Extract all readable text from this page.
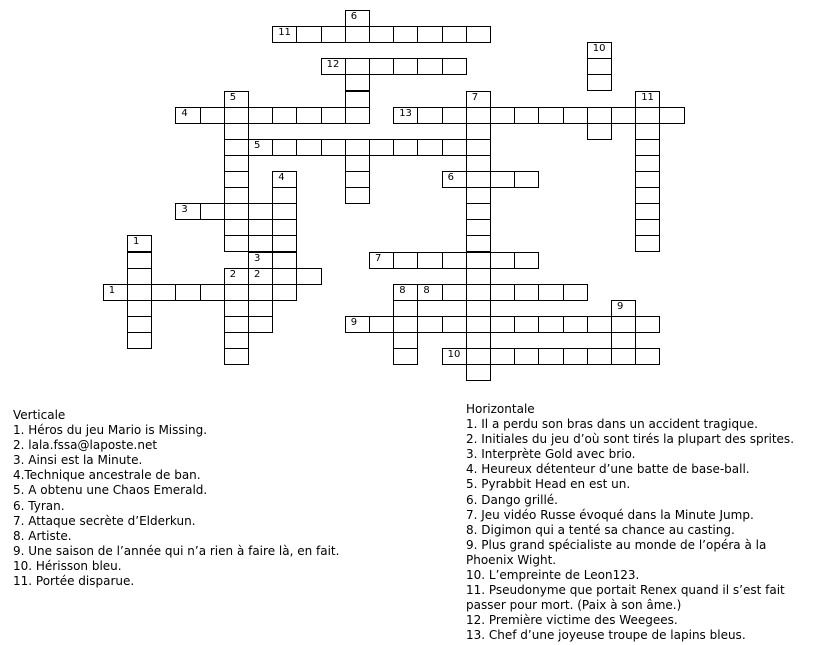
6
11
10
12
5	7	11
4	13
5
4	6
3
1
3	7
2 2
1	8 8
9
9
10
Verticale
1. Héros du jeu Mario is Missing.
2. lala.fssa@laposte.net
3. Ainsi est la Minute.
4.Technique ancestrale de ban.
5. A obtenu une Chaos Emerald.
6. Tyran.
7. Attaque secrète d’Elderkun.
8. Artiste.
9. Une saison de l’année qui n’a rien à faire là, en fait.
10. Hérisson bleu.
11. Portée disparue.
Horizontale
1. Il a perdu son bras dans un accident tragique.
2. Initiales du jeu d’où sont tirés la plupart des sprites.
3. Interprète Gold avec brio.
4. Heureux détenteur d’une batte de base-ball.
5. Pyrabbit Head en est un.
6. Dango grillé.
7. Jeu vidéo Russe évoqué dans la Minute Jump.
8. Digimon qui a tenté sa chance au casting.
9. Plus grand spécialiste au monde de l’opéra à la
Phoenix Wight.
10. L’empreinte de Leon123.
11. Pseudonyme que portait Renex quand il s’est fait
passer pour mort. (Paix à son âme.)
12. Première victime des Weegees.
13. Chef d’une joyeuse troupe de lapins bleus.
